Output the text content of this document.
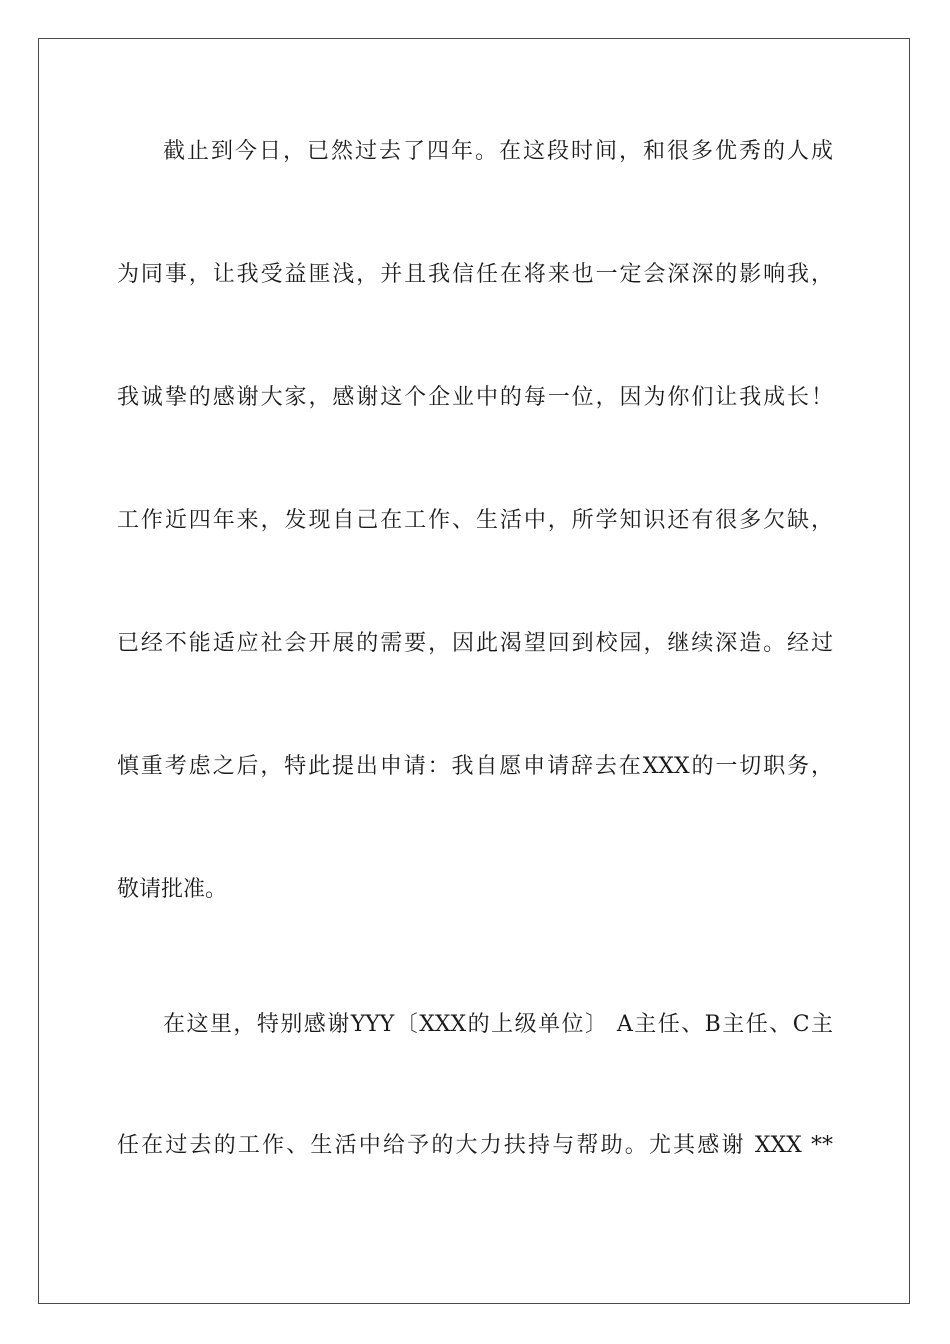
截止到今日，已然过去了四年。在这段时间，和很多优秀的人成
为同事，让我受益匪浅，并且我信任在将来也一定会深深的影响我，
我诚挚的感谢大家，感谢这个企业中的每一位，因为你们让我成长！
工作近四年来，发现自己在工作、生活中，所学知识还有很多欠缺，
已经不能适应社会开展的需要，因此渴望回到校园，继续深造。经过
慎重考虑之后，特此提出申请：我自愿申请辞去在XXX的一切职务，
敬请批准。
在这里，特别感谢YYY〔XXX的上级单位〕 A主任、B主任、C主
任在过去的工作、生活中给予的大力扶持与帮助。尤其感谢 XXX **
